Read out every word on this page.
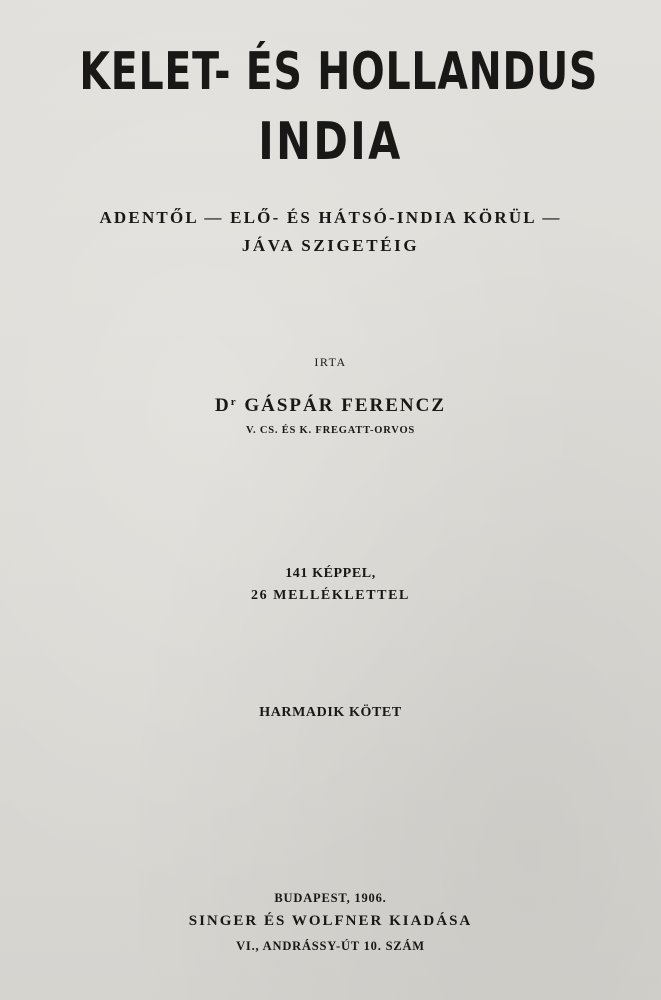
KELET- ÉS HOLLANDUS
INDIA
ADENTŐL — ELŐ- ÉS HÁTSÓ-INDIA KÖRÜL —
JÁVA SZIGETÉIG
IRTA
$D^r$ GÁSPÁR FERENCZ
V. CS. ÉS K. FREGATT-ORVOS
141 KÉPPEL,
26 MELLÉKLETTEL
HARMADIK KÖTET
BUDAPEST, 1906.
SINGER ÉS WOLFNER KIADÁSA
VI., ANDRÁSSY-ÚT 10. SZÁM
